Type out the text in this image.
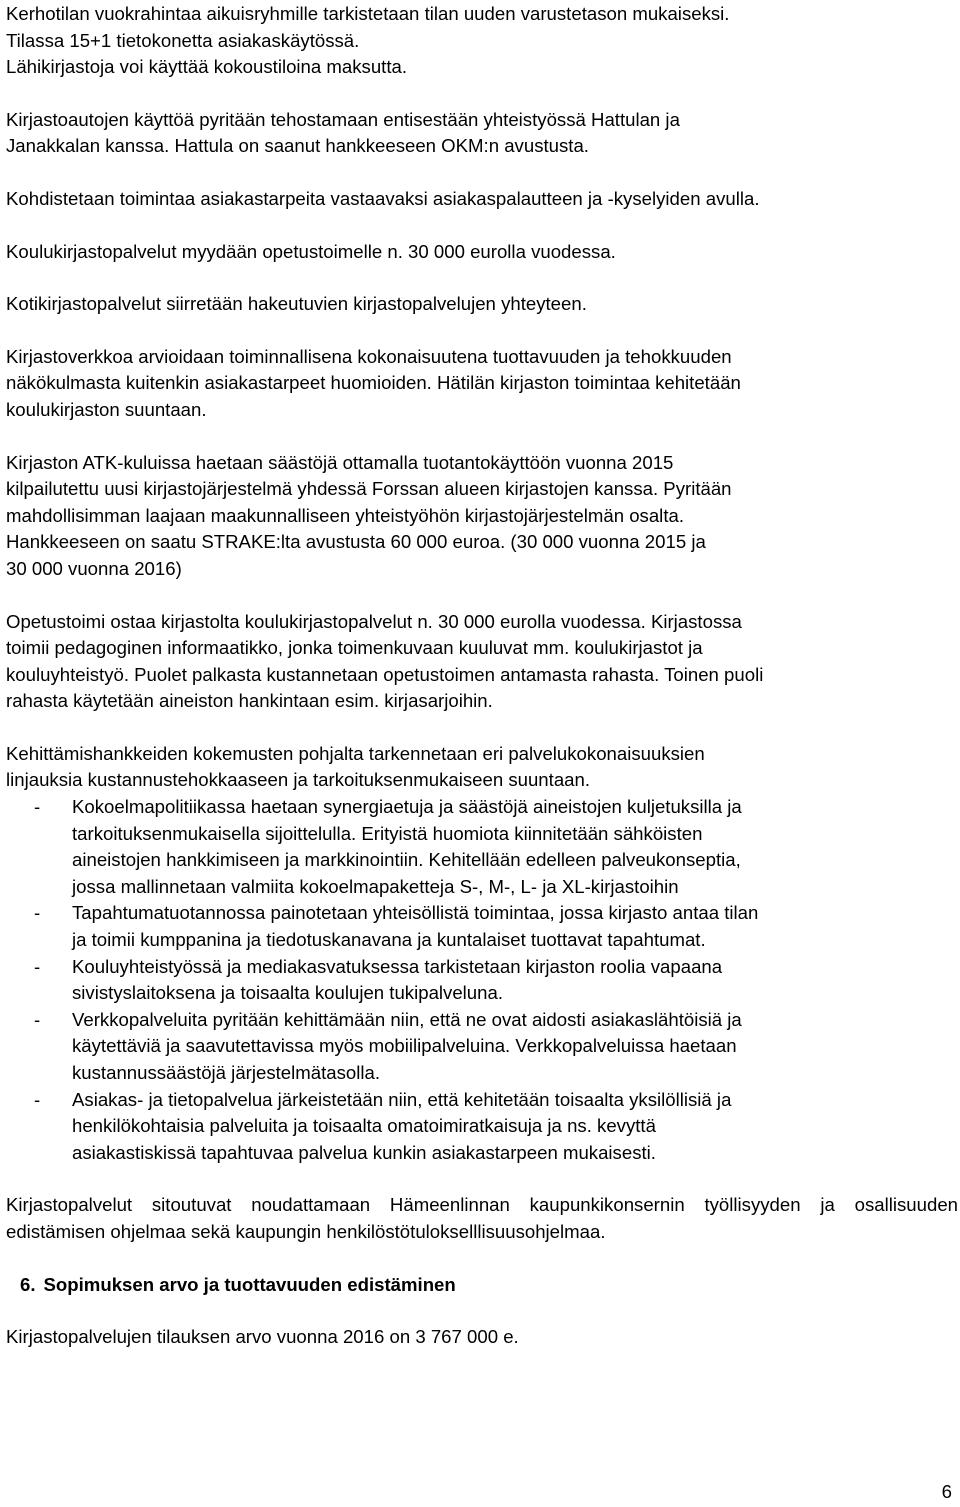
Kerhotilan vuokrahintaa aikuisryhmille tarkistetaan tilan uuden varustetason mukaiseksi.
Tilassa 15+1 tietokonetta asiakaskäytössä.
Lähikirjastoja voi käyttää kokoustiloina maksutta.

Kirjastoautojen käyttöä pyritään tehostamaan entisestään yhteistyössä Hattulan ja
Janakkalan kanssa. Hattula on saanut hankkeeseen OKM:n avustusta.

Kohdistetaan toimintaa asiakastarpeita vastaavaksi asiakaspalautteen ja -kyselyiden avulla.

Koulukirjastopalvelut myydään opetustoimelle n. 30 000 eurolla vuodessa.

Kotikirjastopalvelut siirretään hakeutuvien kirjastopalvelujen yhteyteen.

Kirjastoverkkoa arvioidaan toiminnallisena kokonaisuutena tuottavuuden ja tehokkuuden
näkökulmasta kuitenkin asiakastarpeet huomioiden. Hätilän kirjaston toimintaa kehitetään
koulukirjaston suuntaan.

Kirjaston ATK-kuluissa haetaan säästöjä ottamalla tuotantokäyttöön vuonna 2015
kilpailutettu uusi kirjastojärjestelmä yhdessä Forssan alueen kirjastojen kanssa. Pyritään
mahdollisimman laajaan maakunnalliseen yhteistyöhön kirjastojärjestelmän osalta.
Hankkeeseen on saatu STRAKE:lta avustusta 60 000 euroa. (30 000 vuonna 2015 ja
30 000 vuonna 2016)

Opetustoimi ostaa kirjastolta koulukirjastopalvelut n. 30 000 eurolla vuodessa. Kirjastossa
toimii pedagoginen informaatikko, jonka toimenkuvaan kuuluvat mm. koulukirjastot ja
kouluyhteistyö. Puolet palkasta kustannetaan opetustoimen antamasta rahasta. Toinen puoli
rahasta käytetään aineiston hankintaan esim. kirjasarjoihin.

Kehittämishankkeiden kokemusten pohjalta tarkennetaan eri palvelukokonaisuuksien
linjauksia kustannustehokkaaseen ja tarkoituksenmukaiseen suuntaan.

- Kokoelmapolitiikassa haetaan synergiaetuja ja säästöjä aineistojen kuljetuksilla ja
tarkoituksenmukaisella sijoittelulla. Erityistä huomiota kiinnitetään sähköisten
aineistojen hankkimiseen ja markkinointiin. Kehitellään edelleen palveukonseptia,
jossa mallinnetaan valmiita kokoelmapaketteja S-, M-, L- ja XL-kirjastoihin
- Tapahtumatuotannossa painotetaan yhteisöllistä toimintaa, jossa kirjasto antaa tilan
ja toimii kumppanina ja tiedotuskanavana ja kuntalaiset tuottavat tapahtumat.
- Kouluyhteistyössä ja mediakasvatuksessa tarkistetaan kirjaston roolia vapaana
sivistyslaitoksena ja toisaalta koulujen tukipalveluna.
- Verkkopalveluita pyritään kehittämään niin, että ne ovat aidosti asiakaslähtöisiä ja
käytettäviä ja saavutettavissa myös mobiilipalveluina. Verkkopalveluissa haetaan
kustannussäästöjä järjestelmätasolla.
- Asiakas- ja tietopalvelua järkeistetään niin, että kehitetään toisaalta yksilöllisiä ja
henkilökohtaisia palveluita ja toisaalta omatoimiratkaisuja ja ns. kevyttä
asiakastiskissä tapahtuvaa palvelua kunkin asiakastarpeen mukaisesti.

Kirjastopalvelut sitoutuvat noudattamaan Hämeenlinnan kaupunkikonsernin työllisyyden ja osallisuuden edistämisen ohjelmaa sekä kaupungin henkilöstötulokselllisuusohjelmaa.

6. Sopimuksen arvo ja tuottavuuden edistäminen

Kirjastopalvelujen tilauksen arvo vuonna 2016 on 3 767 000 e.

6
